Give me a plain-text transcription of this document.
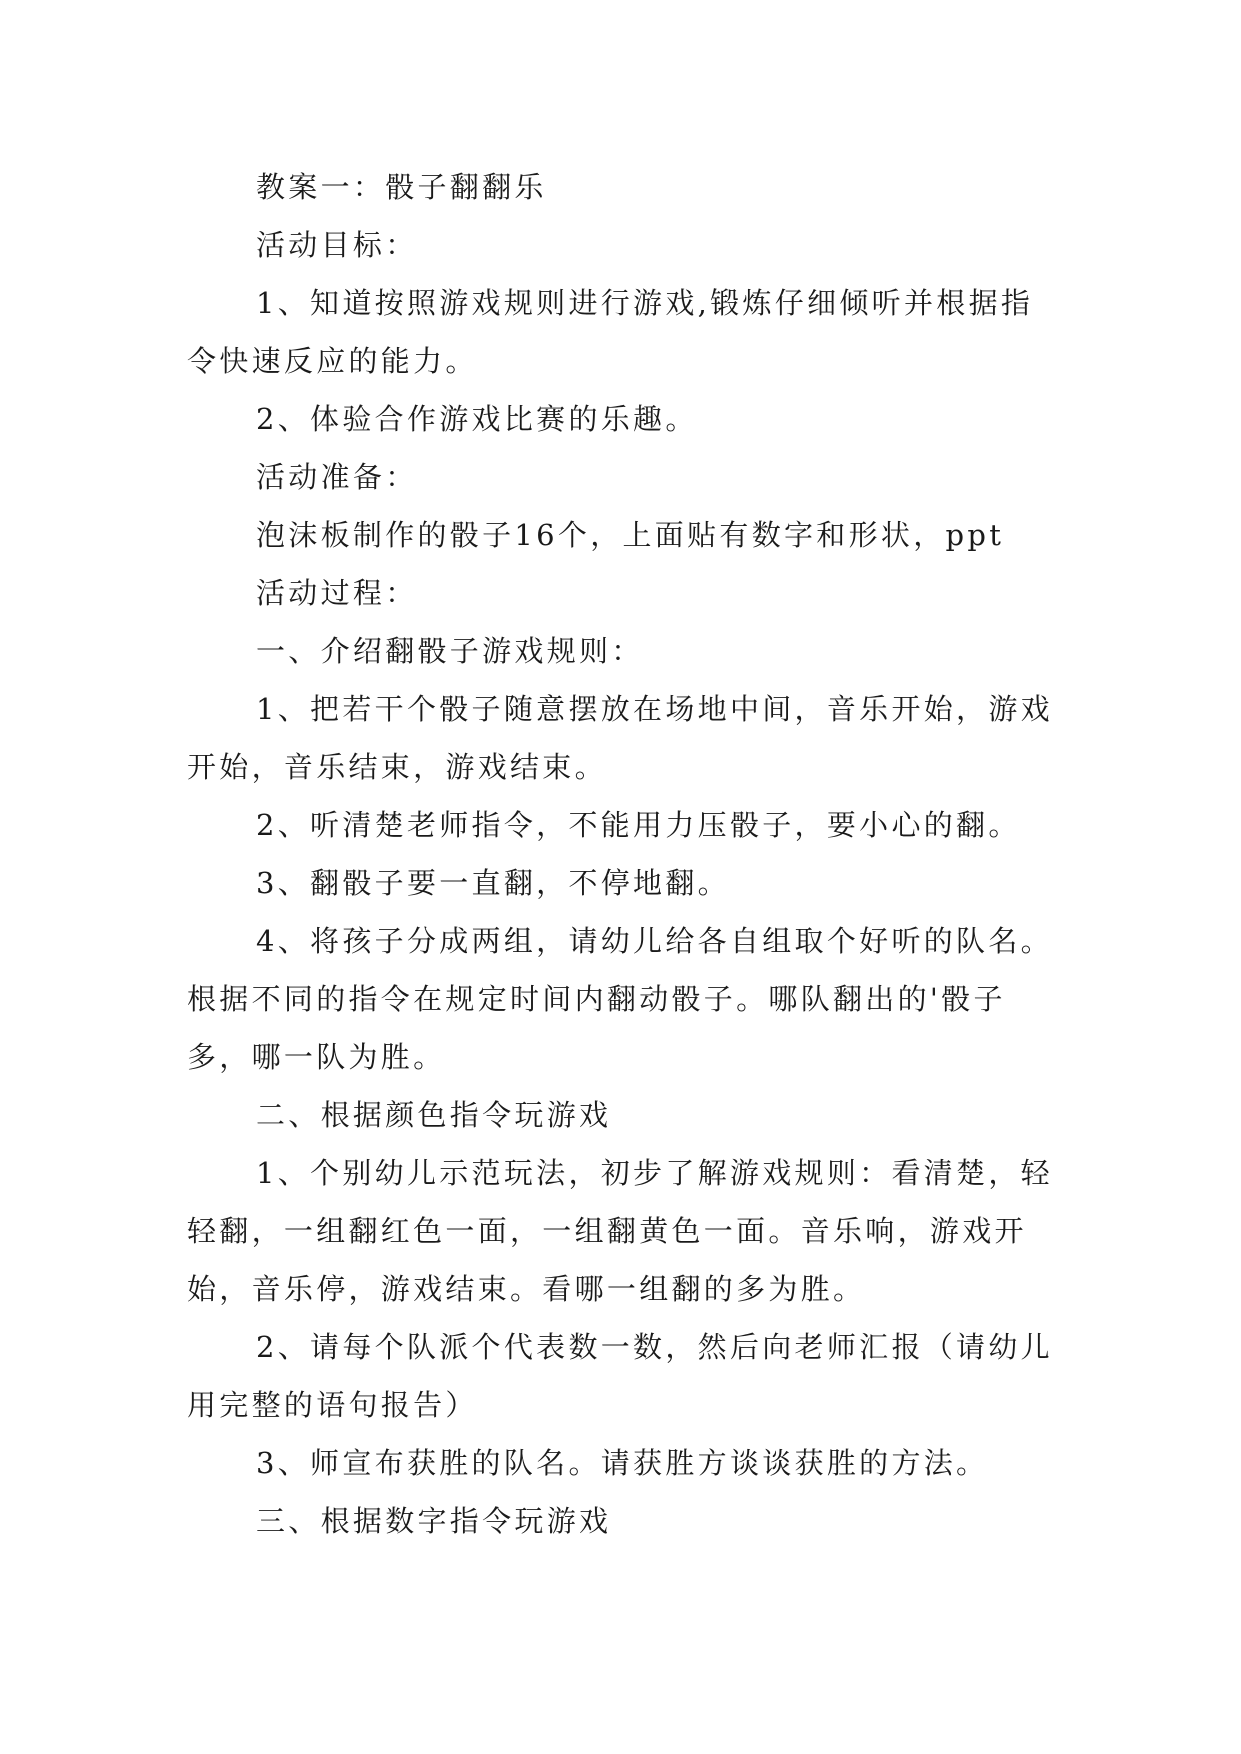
教案一：骰子翻翻乐

活动目标：

1、知道按照游戏规则进行游戏,锻炼仔细倾听并根据指令快速反应的能力。

2、体验合作游戏比赛的乐趣。

活动准备：

泡沫板制作的骰子16个，上面贴有数字和形状，ppt

活动过程：

一、介绍翻骰子游戏规则：

1、把若干个骰子随意摆放在场地中间，音乐开始，游戏开始，音乐结束，游戏结束。

2、听清楚老师指令，不能用力压骰子，要小心的翻。

3、翻骰子要一直翻，不停地翻。

4、将孩子分成两组，请幼儿给各自组取个好听的队名。根据不同的指令在规定时间内翻动骰子。哪队翻出的'骰子多，哪一队为胜。

二、根据颜色指令玩游戏

1、个别幼儿示范玩法，初步了解游戏规则：看清楚，轻轻翻，一组翻红色一面，一组翻黄色一面。音乐响，游戏开始，音乐停，游戏结束。看哪一组翻的多为胜。

2、请每个队派个代表数一数，然后向老师汇报（请幼儿用完整的语句报告）

3、师宣布获胜的队名。请获胜方谈谈获胜的方法。

三、根据数字指令玩游戏
